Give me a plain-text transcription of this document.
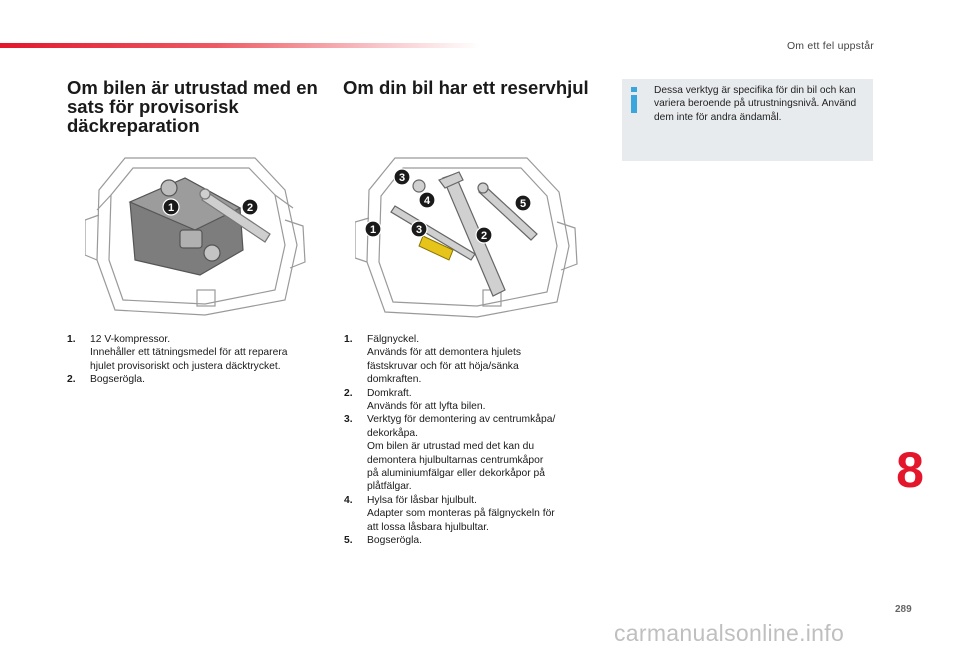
Om ett fel uppstår
Om bilen är utrustad med en sats för provisorisk däckreparation
Om din bil har ett reservhjul	Dessa verktyg är specifika för din bil och kan variera beroende på utrustningsnivå. Använd dem inte för andra ändamål.
1	2
3
4
1	3	2
5
1. 12 V-kompressor.
Innehåller ett tätningsmedel för att reparera
hjulet provisoriskt och justera däcktrycket.
2. Bogserögla.
1. Fälgnyckel.
Används för att demontera hjulets
fästskruvar och för att höja/sänka
domkraften.
2. Domkraft.
Används för att lyfta bilen.
3. Verktyg för demontering av centrumkåpa/
dekorkåpa.
Om bilen är utrustad med det kan du
demontera hjulbultarnas centrumkåpor
på aluminiumfälgar eller dekorkåpor på
plåtfälgar.
4. Hylsa för låsbar hjulbult.
Adapter som monteras på fälgnyckeln för
att lossa låsbara hjulbultar.
5. Bogserögla.
8
289
carmanualsonline.info
